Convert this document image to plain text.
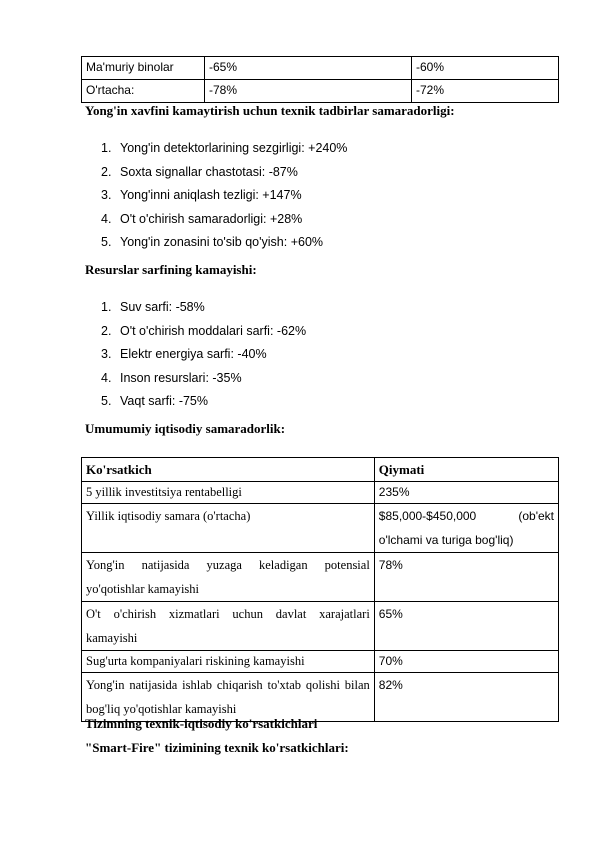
Ma'muriy binolar	-65%	-60%
O'rtacha:	-78%	-72%
Yong'in xavfini kamaytirish uchun texnik tadbirlar samaradorligi:
1. Yong'in detektorlarining sezgirligi: +240%
2. Soxta signallar chastotasi: -87%
3. Yong'inni aniqlash tezligi: +147%
4. O't o'chirish samaradorligi: +28%
5. Yong'in zonasini to'sib qo'yish: +60%
Resurslar sarfining kamayishi:
1. Suv sarfi: -58%
2. O't o'chirish moddalari sarfi: -62%
3. Elektr energiya sarfi: -40%
4. Inson resurslari: -35%
5. Vaqt sarfi: -75%
Umumumiy iqtisodiy samaradorlik:
Ko'rsatkich	Qiymati
5 yillik investitsiya rentabelligi	235%
Yillik iqtisodiy samara (o'rtacha)	$85,000-$450,000 (ob'ekt o'lchami va turiga bog'liq)
Yong'in natijasida yuzaga keladigan potensial yo'qotishlar kamayishi	78%
O't o'chirish xizmatlari uchun davlat xarajatlari kamayishi	65%
Sug'urta kompaniyalari riskining kamayishi	70%
Yong'in natijasida ishlab chiqarish to'xtab qolishi bilan bog'liq yo'qotishlar kamayishi	82%
Tizimning texnik-iqtisodiy ko'rsatkichlari
"Smart-Fire" tizimining texnik ko'rsatkichlari:
